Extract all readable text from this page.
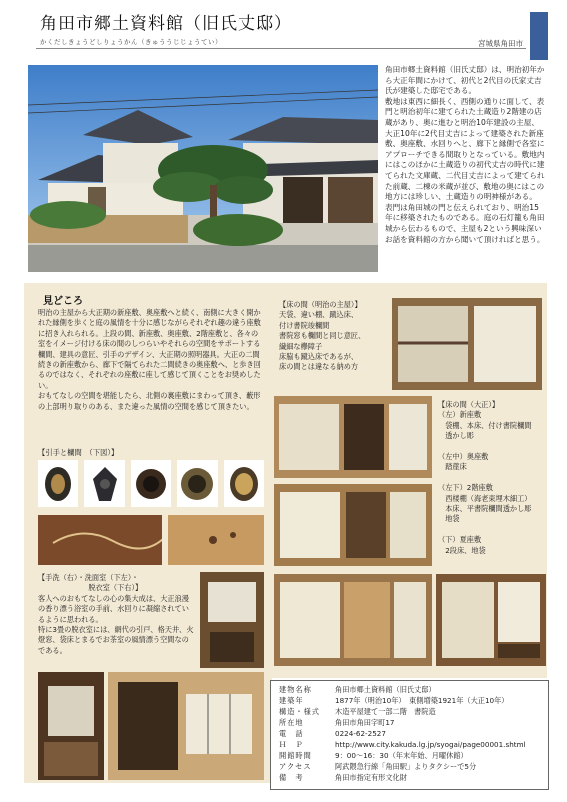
角田市郷土資料館（旧氏丈邸）
かくだしきょうどしりょうかん（きゅううじじょうてい）	宮城県角田市
角田市郷土資料館（旧氏丈邸）は、明治初年から大正年間にかけて、初代と2代目の氏家丈吉氏が建築した邸宅である。
敷地は東西に細長く、西側の通りに面して、表門と明治初年に建てられた土蔵造り2階建の店蔵があり、奥に進むと明治10年建設の主屋、大正10年に2代目丈吉によって建築された新座敷、奥座敷、水回りへと、廊下と縁側で各室にアプローチできる間取りとなっている。敷地内にはこのほかに土蔵造りの初代丈吉の時代に建てられた文庫蔵、二代目丈吉によって建てられた前蔵、二棟の米蔵が並び、敷地の奥にはこの地方には珍しい、土蔵造りの明神様がある。
表門は角田城の門と伝えられており、明治15年に移築されたものである。庭の石灯籠も角田城から伝わるもので、主屋も2という興味深いお話を資料館の方から聞いて頂ければと思う。
見どころ
明治の主屋から大正期の新座敷、奥座敷へと続く、南側に大きく開かれた縁側を歩くと庭の風情を十分に感じながらそれぞれ趣の違う座敷に招き入れられる。上段の間、新座敷、奥座敷、2階座敷と、各々の室をイメージ付ける床の間のしつらいやそれらの空間をサポートする欄間、建具の意匠、引手のデザイン、大正期の照明器具。大正の二間続きの新座敷から、廊下で隔てられた二間続きの奥座敷へ、と歩き回るのではなく、それぞれの座敷に座して感じて頂くことをお奨めしたい。
おもてなしの空間を堪能したら、北側の裏座敷にまわって頂き、藪形の上部明り取りのある、また違った風情の空間を感じて頂きたい。
【引手と欄間　（下図）】
【手洗（右）・洗面室（下左）・
　　　　　　　脱衣室（下右）】
客人へのおもてなしの心の集大成は、大正浪漫の香り漂う浴室の手前、水回りに凝縮されているように思われる。
特に3畳の脱衣室には、網代の引戸、格天井、火燈窓、袋床とまるでお茶室の風情漂う空間なのである。
【床の間（明治の主屋）】
天袋、違い棚、蹴込床、
付け書院竣欄間
書院窓も欄間と同じ意匠、
繊細な欅障子
床脇も蹴込床であるが、
床の間とは違なる納め方
【床の間（大正）】
（左）新座敷
　袋棚、本床、付け書院欄間
　透かし彫

（左中）奥座敷
　踏蓙床

（左下）2階座敷
　西楼棚（海老束埋木細工）
　本床、平書院欄間透かし彫
　地袋

（下）夏座敷
　2段床、地袋
建物名称	角田市郷土資料館（旧氏丈邸）
建築年	1877年（明治10年）　東側増築1921年（大正10年）
構造・様式	木造平屋建て一部二階　書院造
所在地	角田市角田字町17
電　話	0224-62-2527
Ｈ　Ｐ	http://www.city.kakuda.lg.jp/syogai/page00001.shtml
開館時間	9：00～16：30（年末年始、月曜休館）
アクセス	阿武隈急行線「角田駅」よりタクシーで5分
備　考	角田市指定有形文化財
